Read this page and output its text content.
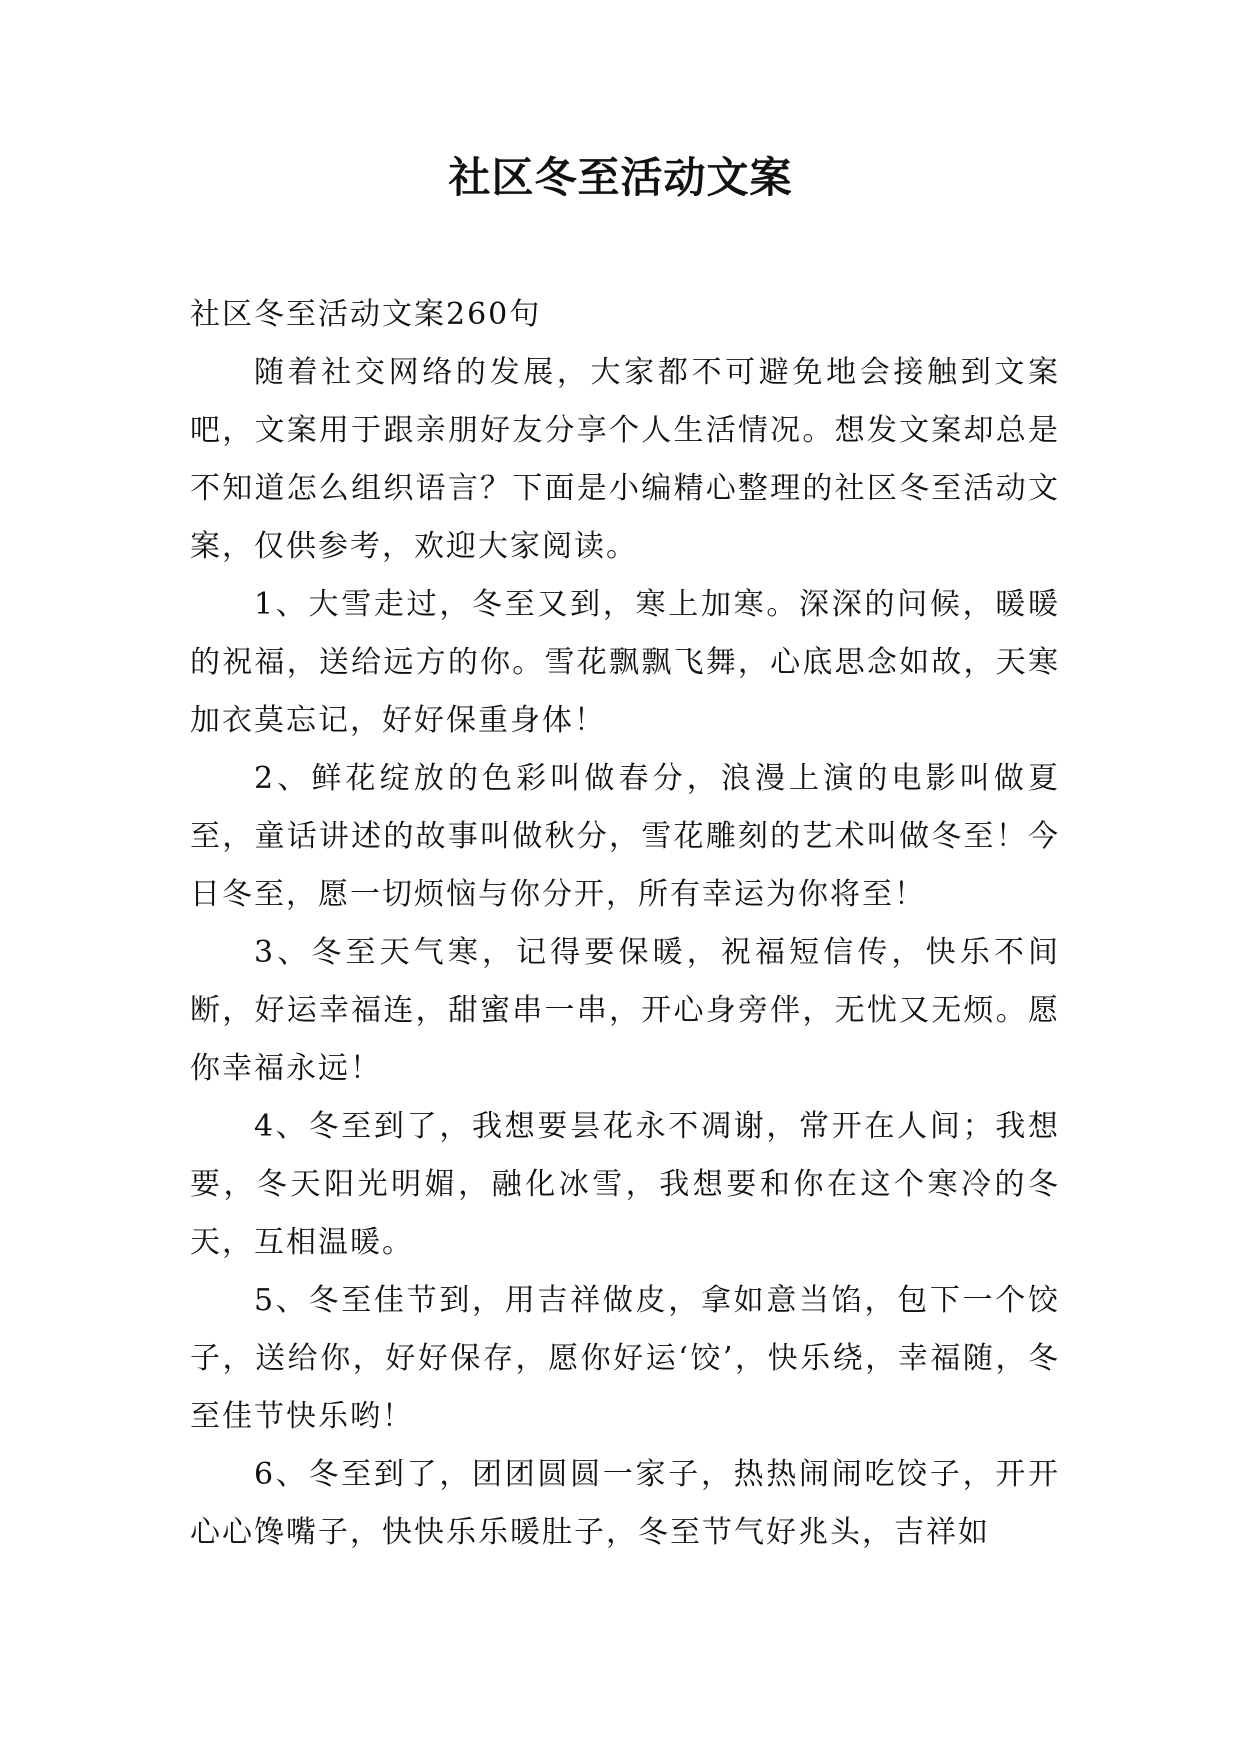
社区冬至活动文案

社区冬至活动文案260句

随着社交网络的发展，大家都不可避免地会接触到文案吧，文案用于跟亲朋好友分享个人生活情况。想发文案却总是不知道怎么组织语言？下面是小编精心整理的社区冬至活动文案，仅供参考，欢迎大家阅读。

1、大雪走过，冬至又到，寒上加寒。深深的问候，暖暖的祝福，送给远方的你。雪花飘飘飞舞，心底思念如故，天寒加衣莫忘记，好好保重身体！

2、鲜花绽放的色彩叫做春分，浪漫上演的电影叫做夏至，童话讲述的故事叫做秋分，雪花雕刻的艺术叫做冬至！今日冬至，愿一切烦恼与你分开，所有幸运为你将至！

3、冬至天气寒，记得要保暖，祝福短信传，快乐不间断，好运幸福连，甜蜜串一串，开心身旁伴，无忧又无烦。愿你幸福永远！

4、冬至到了，我想要昙花永不凋谢，常开在人间；我想要，冬天阳光明媚，融化冰雪，我想要和你在这个寒冷的冬天，互相温暖。

5、冬至佳节到，用吉祥做皮，拿如意当馅，包下一个饺子，送给你，好好保存，愿你好运‘饺’，快乐绕，幸福随，冬至佳节快乐哟！

6、冬至到了，团团圆圆一家子，热热闹闹吃饺子，开开心心馋嘴子，快快乐乐暖肚子，冬至节气好兆头，吉祥如
